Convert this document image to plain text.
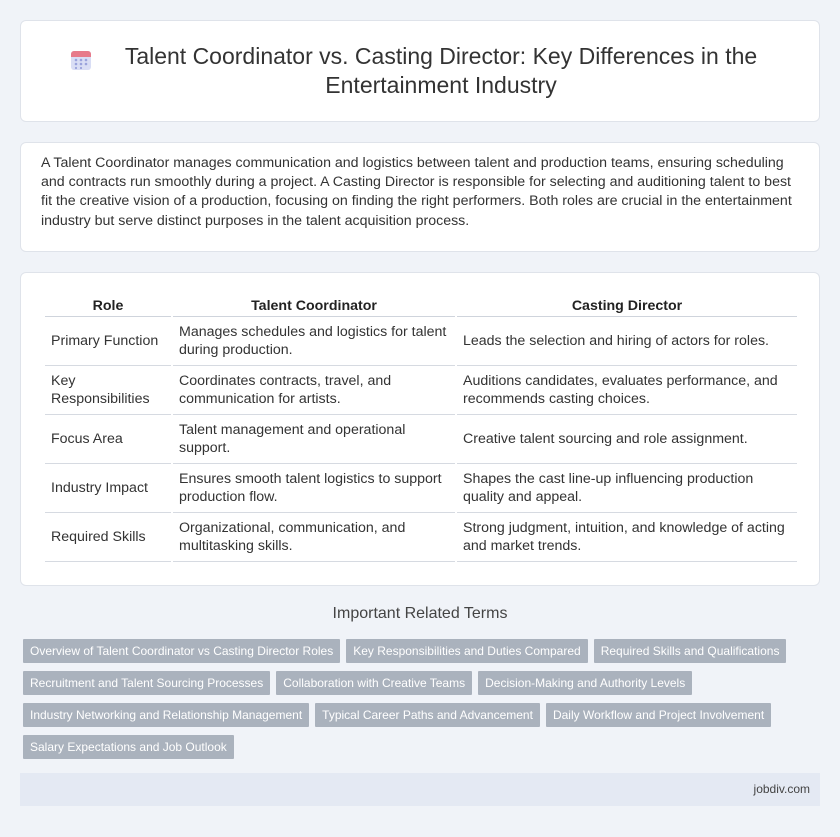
Talent Coordinator vs. Casting Director: Key Differences in the Entertainment Industry

A Talent Coordinator manages communication and logistics between talent and production teams, ensuring scheduling and contracts run smoothly during a project. A Casting Director is responsible for selecting and auditioning talent to best fit the creative vision of a production, focusing on finding the right performers. Both roles are crucial in the entertainment industry but serve distinct purposes in the talent acquisition process.

Role	Talent Coordinator	Casting Director
Primary Function	Manages schedules and logistics for talent during production.	Leads the selection and hiring of actors for roles.
Key Responsibilities	Coordinates contracts, travel, and communication for artists.	Auditions candidates, evaluates performance, and recommends casting choices.
Focus Area	Talent management and operational support.	Creative talent sourcing and role assignment.
Industry Impact	Ensures smooth talent logistics to support production flow.	Shapes the cast line-up influencing production quality and appeal.
Required Skills	Organizational, communication, and multitasking skills.	Strong judgment, intuition, and knowledge of acting and market trends.
Important Related Terms
Overview of Talent Coordinator vs Casting Director Roles Key Responsibilities and Duties Compared Required Skills and Qualifications
Recruitment and Talent Sourcing Processes Collaboration with Creative Teams Decision-Making and Authority Levels
Industry Networking and Relationship Management Typical Career Paths and Advancement Daily Workflow and Project Involvement
Salary Expectations and Job Outlook
jobdiv.com
